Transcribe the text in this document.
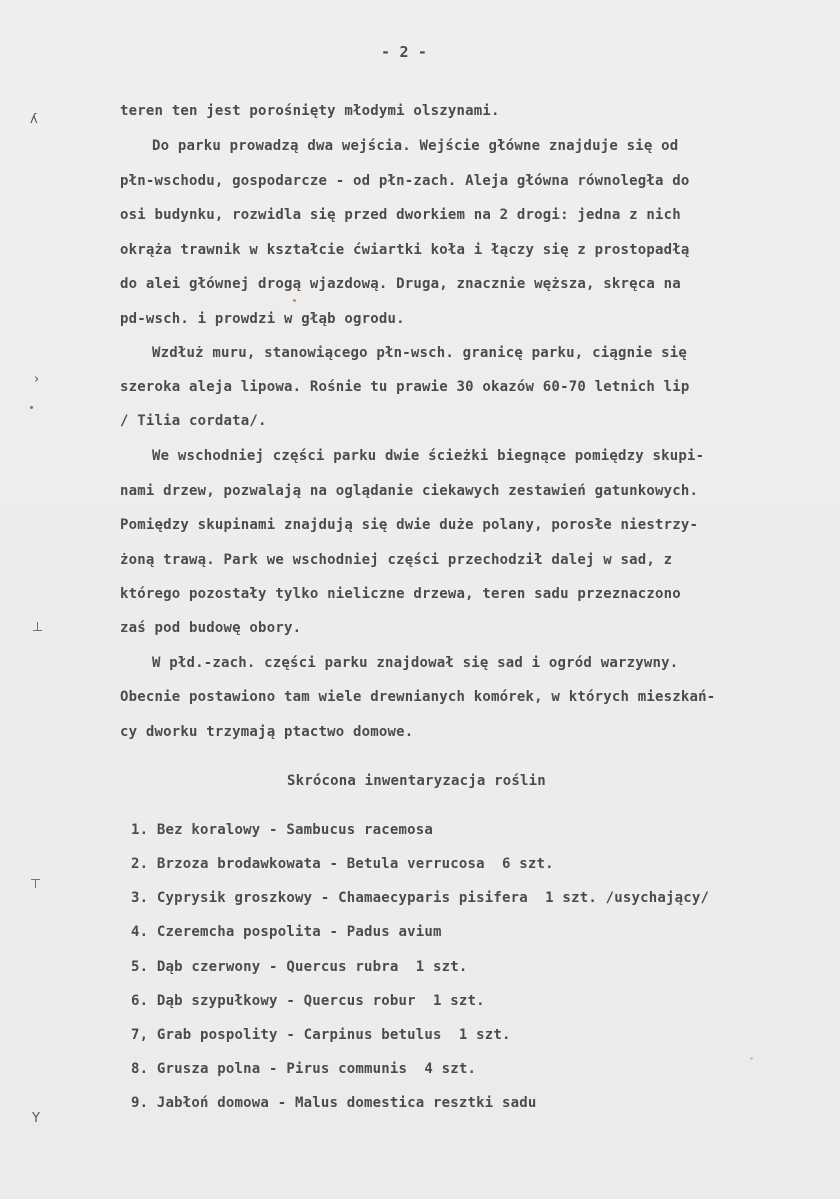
- 2 -
teren ten jest porośnięty młodymi olszynami.
Do parku prowadzą dwa wejścia. Wejście główne znajduje się od
płn-wschodu, gospodarcze - od płn-zach. Aleja główna równoległa do
osi budynku, rozwidla się przed dworkiem na 2 drogi: jedna z nich
okrąża trawnik w kształcie ćwiartki koła i łączy się z prostopadłą
do alei głównej drogą wjazdową. Druga, znacznie węższa, skręca na
pd-wsch. i prowdzi w głąb ogrodu.
Wzdłuż muru, stanowiącego płn-wsch. granicę parku, ciągnie się
szeroka aleja lipowa. Rośnie tu prawie 30 okazów 60-70 letnich lip
/ Tilia cordata/.
We wschodniej części parku dwie ścieżki biegnące pomiędzy skupi-
nami drzew, pozwalają na oglądanie ciekawych zestawień gatunkowych.
Pomiędzy skupinami znajdują się dwie duże polany, porosłe niestrzy-
żoną trawą. Park we wschodniej części przechodził dalej w sad, z
którego pozostały tylko nieliczne drzewa, teren sadu przeznaczono
zaś pod budowę obory.
W płd.-zach. części parku znajdował się sad i ogród warzywny.
Obecnie postawiono tam wiele drewnianych komórek, w których mieszkań-
cy dworku trzymają ptactwo domowe.
Skrócona inwentaryzacja roślin
1. Bez koralowy - Sambucus racemosa
2. Brzoza brodawkowata - Betula verrucosa  6 szt.
3. Cyprysik groszkowy - Chamaecyparis pisifera  1 szt. /usychający/
4. Czeremcha pospolita - Padus avium
5. Dąb czerwony - Quercus rubra  1 szt.
6. Dąb szypułkowy - Quercus robur  1 szt.
7, Grab pospolity - Carpinus betulus  1 szt.
8. Grusza polna - Pirus communis  4 szt.
9. Jabłoń domowa - Malus domestica resztki sadu
ʎ
›
⊥
⊤
Y
